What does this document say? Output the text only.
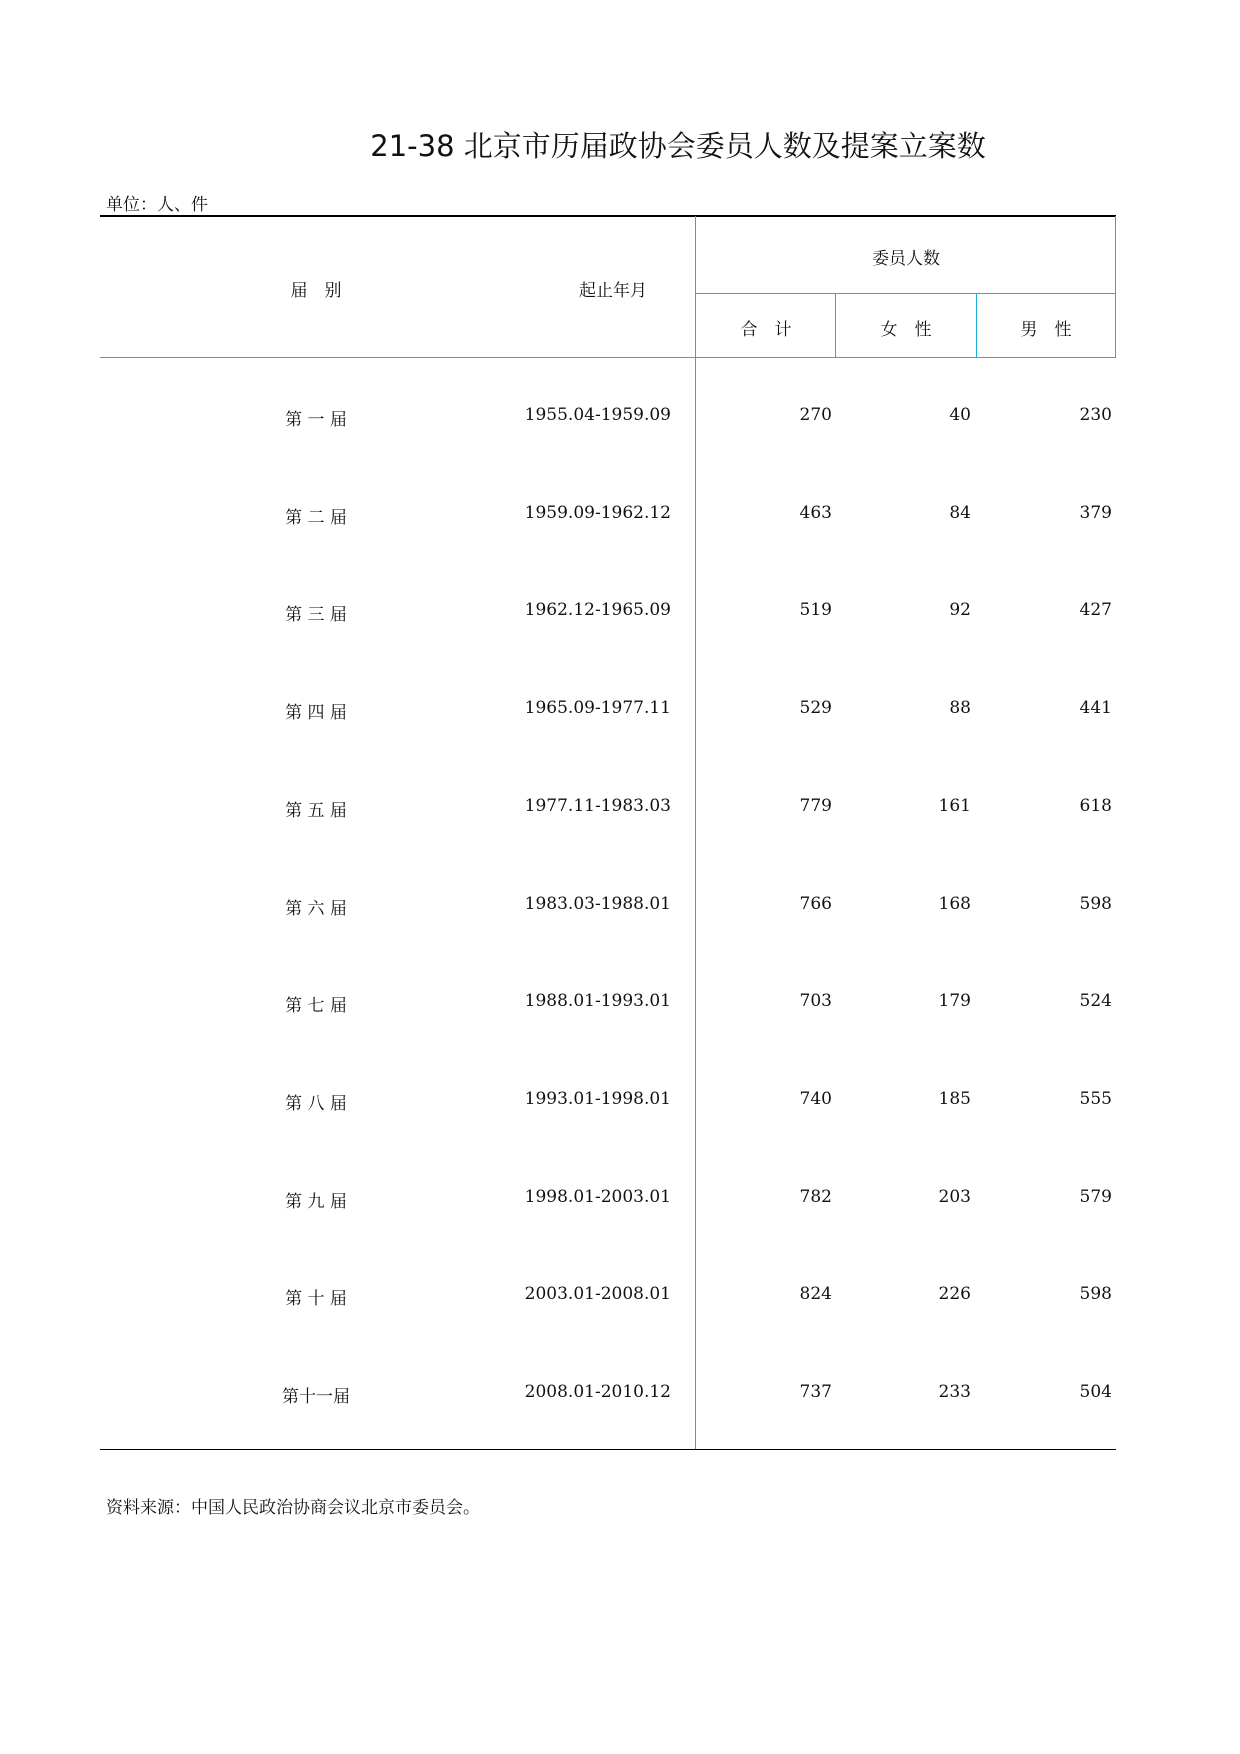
21-38 北京市历届政协会委员人数及提案立案数
单位：人、件
届　别	起止年月
委员人数
合　计	女　性	男　性
第 一 届	1955.04-1959.09	270	40	230
第 二 届	1959.09-1962.12	463	84	379
第 三 届	1962.12-1965.09	519	92	427
第 四 届	1965.09-1977.11	529	88	441
第 五 届	1977.11-1983.03	779	161	618
第 六 届	1983.03-1988.01	766	168	598
第 七 届	1988.01-1993.01	703	179	524
第 八 届	1993.01-1998.01	740	185	555
第 九 届	1998.01-2003.01	782	203	579
第 十 届	2003.01-2008.01	824	226	598
第十一届	2008.01-2010.12	737	233	504
资料来源：中国人民政治协商会议北京市委员会。
